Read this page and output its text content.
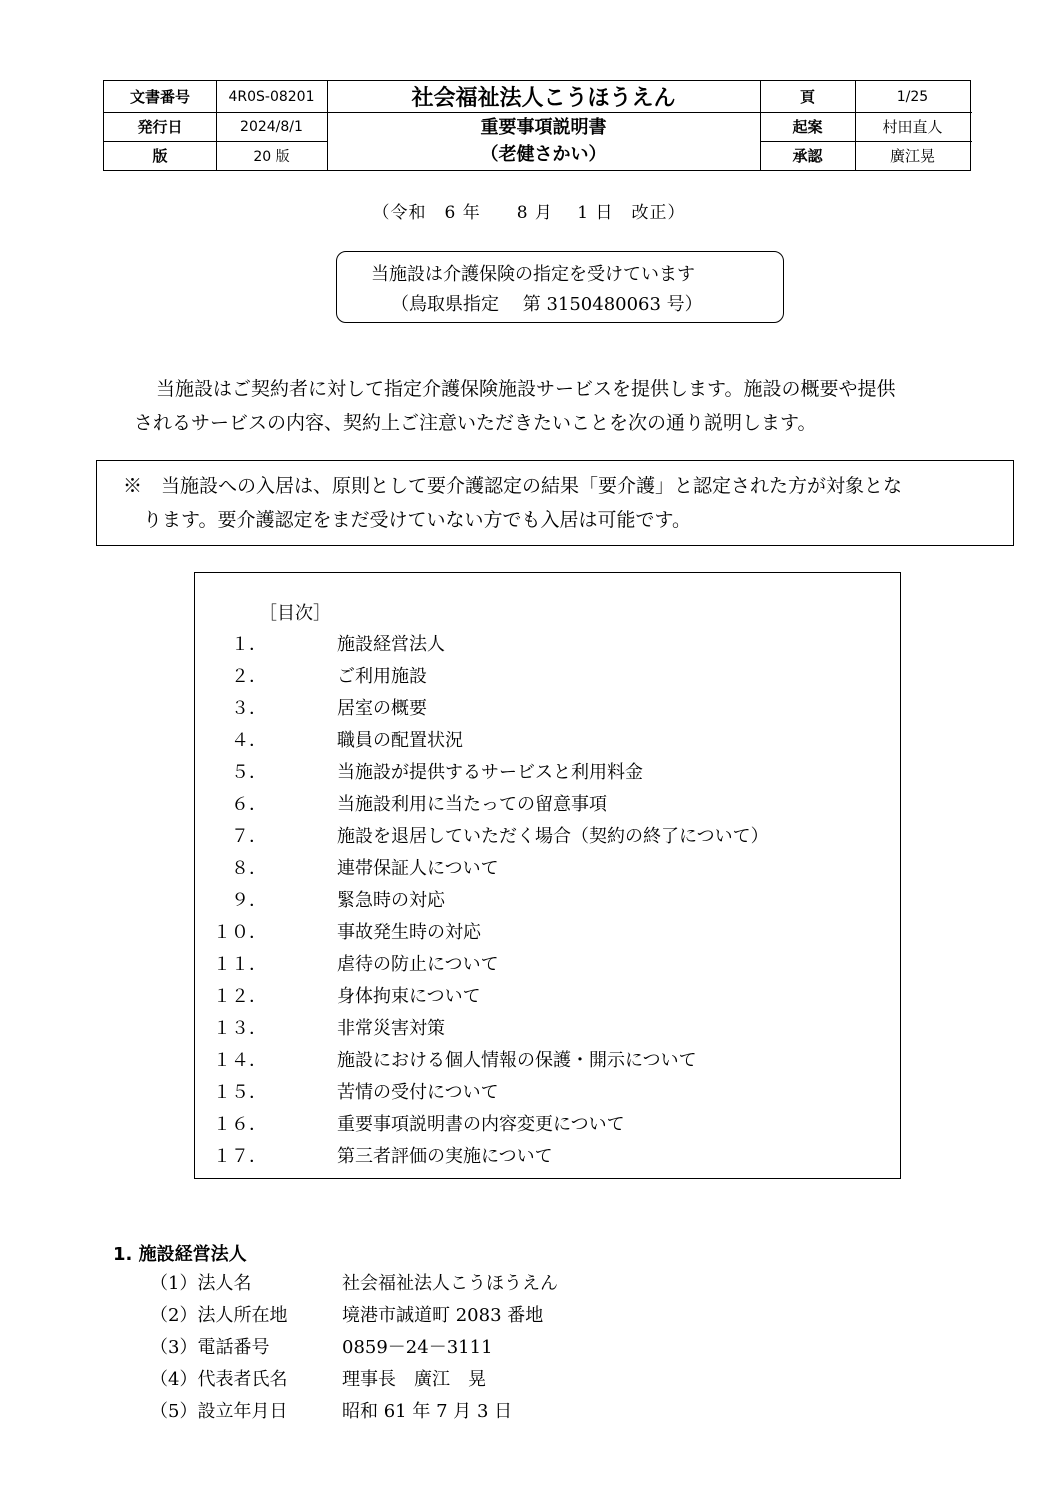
文書番号	4R0S-08201
発行日	2024/8/1
版	20 版
社会福祉法人こうほうえん
重要事項説明書
（老健さかい）
頁	1/25
起案	村田直人
承認	廣江晃
（令和　6 年　　8 月　 1 日　改正）
当施設は介護保険の指定を受けています
（鳥取県指定　 第 3150480063 号）
当施設はご契約者に対して指定介護保険施設サービスを提供します。施設の概要や提供
されるサービスの内容、契約上ご注意いただきたいことを次の通り説明します。
※　当施設への入居は、原則として要介護認定の結果「要介護」と認定された方が対象とな
ります。要介護認定をまだ受けていない方でも入居は可能です。
［目次］
１．	施設経営法人
２．	ご利用施設
３．	居室の概要
４．	職員の配置状況
５．	当施設が提供するサービスと利用料金
６．	当施設利用に当たっての留意事項
７．	施設を退居していただく場合（契約の終了について）
８．	連帯保証人について
９．	緊急時の対応
１０．	事故発生時の対応
１１．	虐待の防止について
１２．	身体拘束について
１３．	非常災害対策
１４．	施設における個人情報の保護・開示について
１５．	苦情の受付について
１６．	重要事項説明書の内容変更について
１７．	第三者評価の実施について
1. 施設経営法人
（1）法人名	社会福祉法人こうほうえん
（2）法人所在地	境港市誠道町 2083 番地
（3）電話番号	0859－24－3111
（4）代表者氏名	理事長　廣江　晃
（5）設立年月日	昭和 61 年 7 月 3 日
